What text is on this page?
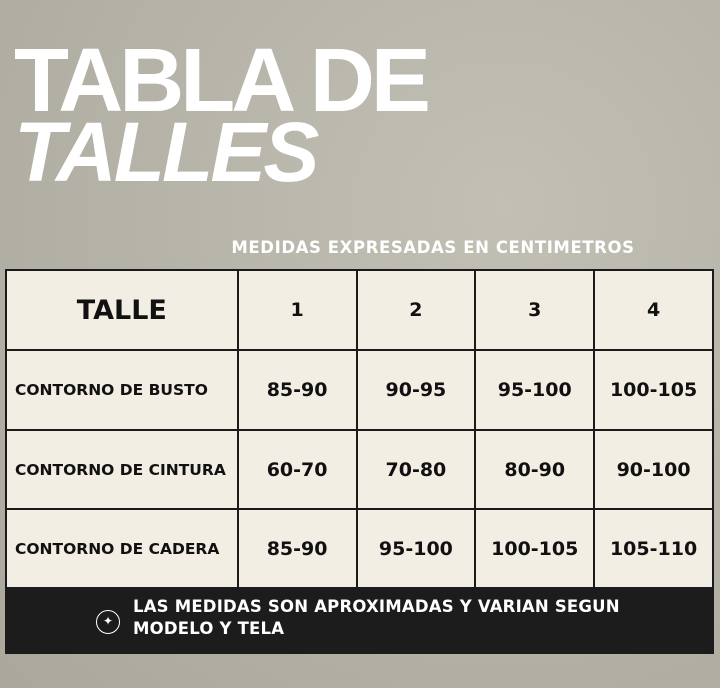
TABLA DE
TALLES
MEDIDAS EXPRESADAS EN CENTIMETROS
TALLE	1	2	3	4
CONTORNO DE BUSTO	85-90	90-95	95-100	100-105
CONTORNO DE CINTURA	60-70	70-80	80-90	90-100
CONTORNO DE CADERA	85-90	95-100	100-105	105-110
✦
LAS MEDIDAS SON APROXIMADAS Y VARIAN SEGUN MODELO Y TELA
